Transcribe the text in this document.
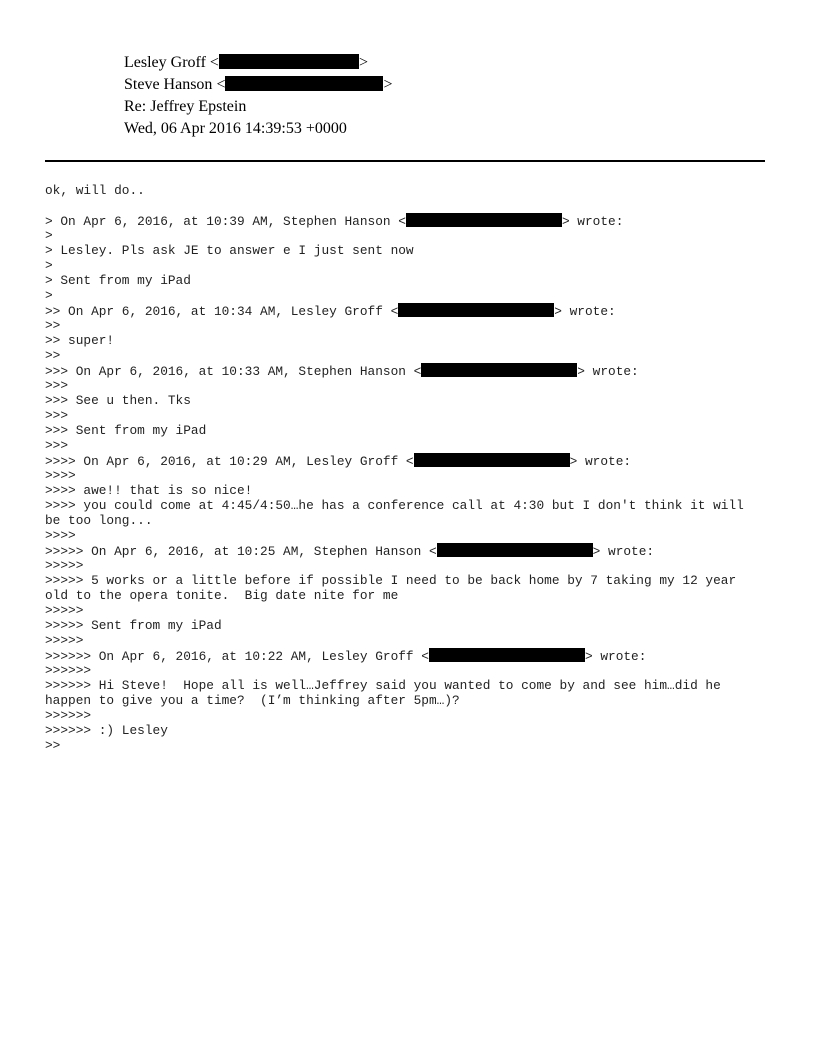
Lesley Groff <	>
Steve Hanson <	>
Re: Jeffrey Epstein
Wed, 06 Apr 2016 14:39:53 +0000
ok, will do..
> On Apr 6, 2016, at 10:39 AM, Stephen Hanson <	> wrote:
>
> Lesley. Pls ask JE to answer e I just sent now
>
> Sent from my iPad
>
>> On Apr 6, 2016, at 10:34 AM, Lesley Groff <	> wrote:
>>
>> super!
>>
>>> On Apr 6, 2016, at 10:33 AM, Stephen Hanson <	> wrote:
>>>
>>> See u then. Tks
>>>
>>> Sent from my iPad
>>>
>>>> On Apr 6, 2016, at 10:29 AM, Lesley Groff <	> wrote:
>>>>
>>>> awe!! that is so nice!
>>>> you could come at 4:45/4:50…he has a conference call at 4:30 but I don't think it will
be too long...
>>>>
>>>>> On Apr 6, 2016, at 10:25 AM, Stephen Hanson <	> wrote:
>>>>>
>>>>> 5 works or a little before if possible I need to be back home by 7 taking my 12 year
old to the opera tonite.  Big date nite for me
>>>>>
>>>>> Sent from my iPad
>>>>>
>>>>>> On Apr 6, 2016, at 10:22 AM, Lesley Groff <	> wrote:
>>>>>>
>>>>>> Hi Steve!  Hope all is well…Jeffrey said you wanted to come by and see him…did he
happen to give you a time?  (I’m thinking after 5pm…)?
>>>>>>
>>>>>> :) Lesley
>>
